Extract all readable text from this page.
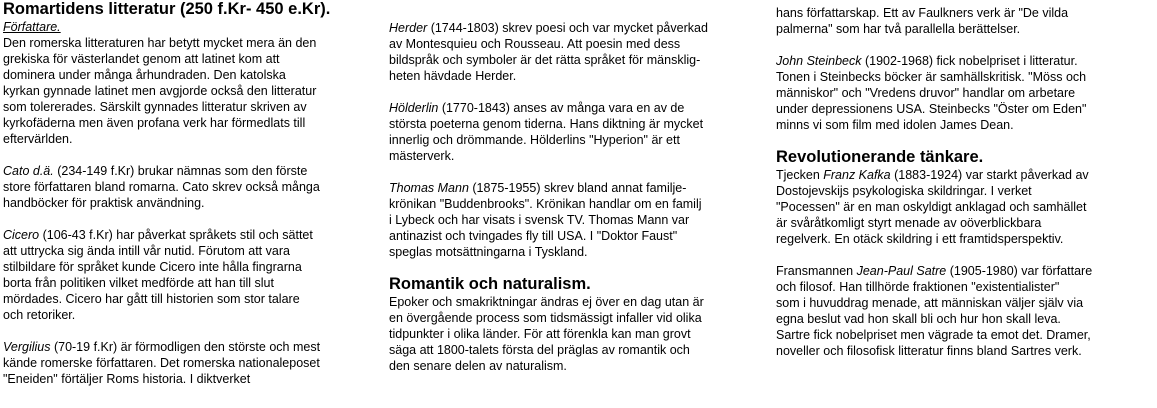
Romartidens litteratur (250 f.Kr- 450 e.Kr).
Författare.

Den romerska litteraturen har betytt mycket mera än den
grekiska för västerlandet genom att latinet kom att
dominera under många århundraden. Den katolska
kyrkan gynnade latinet men avgjorde också den litteratur
som tolererades. Särskilt gynnades litteratur skriven av
kyrkofäderna men även profana verk har förmedlats till
eftervärlden.

Cato d.ä. (234-149 f.Kr) brukar nämnas som den förste
store författaren bland romarna. Cato skrev också många
handböcker för praktisk användning.

Cicero (106-43 f.Kr) har påverkat språkets stil och sättet
att uttrycka sig ända intill vår nutid. Förutom att vara
stilbildare för språket kunde Cicero inte hålla fingrarna
borta från politiken vilket medförde att han till slut
mördades. Cicero har gått till historien som stor talare
och retoriker.

Vergilius (70-19 f.Kr) är förmodligen den störste och mest
kände romerske författaren. Det romerska nationaleposet
"Eneiden" förtäljer Roms historia. I diktverket

Herder (1744-1803) skrev poesi och var mycket påverkad
av Montesquieu och Rousseau. Att poesin med dess
bildspråk och symboler är det rätta språket för mänsklig-
heten hävdade Herder.

Hölderlin (1770-1843) anses av många vara en av de
största poeterna genom tiderna. Hans diktning är mycket
innerlig och drömmande. Hölderlins "Hyperion" är ett
mästerverk.

Thomas Mann (1875-1955) skrev bland annat familje-
krönikan "Buddenbrooks". Krönikan handlar om en familj
i Lybeck och har visats i svensk TV. Thomas Mann var
antinazist och tvingades fly till USA. I "Doktor Faust"
speglas motsättningarna i Tyskland.

Romantik och naturalism.

Epoker och smakriktningar ändras ej över en dag utan är
en övergående process som tidsmässigt infaller vid olika
tidpunkter i olika länder. För att förenkla kan man grovt
säga att 1800-talets första del präglas av romantik och
den senare delen av naturalism.

hans författarskap. Ett av Faulkners verk är "De vilda
palmerna" som har två parallella berättelser.

John Steinbeck (1902-1968) fick nobelpriset i litteratur.
Tonen i Steinbecks böcker är samhällskritisk. "Möss och
människor" och "Vredens druvor" handlar om arbetare
under depressionens USA. Steinbecks "Öster om Eden"
minns vi som film med idolen James Dean.

Revolutionerande tänkare.

Tjecken Franz Kafka (1883-1924) var starkt påverkad av
Dostojevskijs psykologiska skildringar. I verket
"Pocessen" är en man oskyldigt anklagad och samhället
är svåråtkomligt styrt menade av oöverblickbara
regelverk. En otäck skildring i ett framtidsperspektiv.

Fransmannen Jean-Paul Satre (1905-1980) var författare
och filosof. Han tillhörde fraktionen "existentialister"
som i huvuddrag menade, att människan väljer själv via
egna beslut vad hon skall bli och hur hon skall leva.
Sartre fick nobelpriset men vägrade ta emot det. Dramer,
noveller och filosofisk litteratur finns bland Sartres verk.
